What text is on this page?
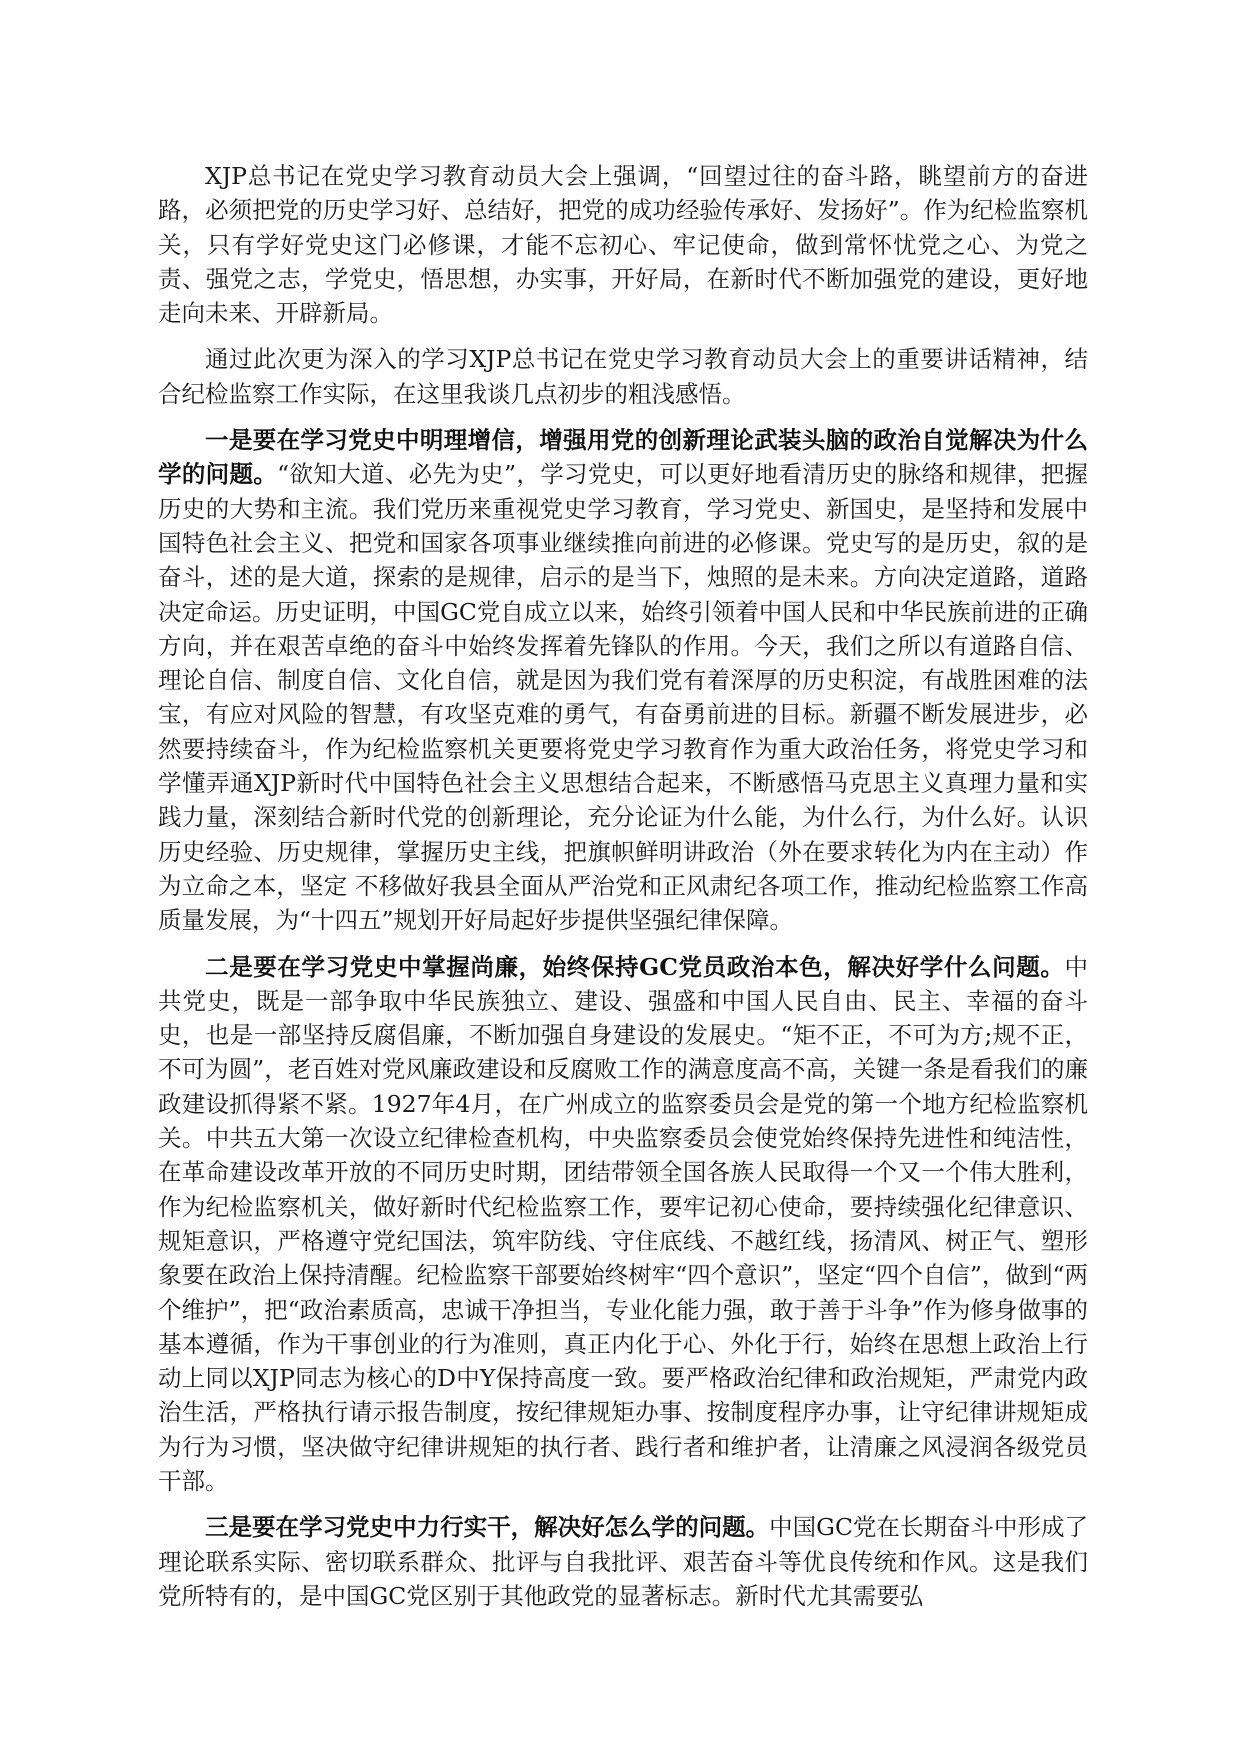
XJP总书记在党史学习教育动员大会上强调，“回望过往的奋斗路，眺望前方的奋进路，必须把党的历史学习好、总结好，把党的成功经验传承好、发扬好”。作为纪检监察机关，只有学好党史这门必修课，才能不忘初心、牢记使命，做到常怀忧党之心、为党之责、强党之志，学党史，悟思想，办实事，开好局，在新时代不断加强党的建设，更好地走向未来、开辟新局。

通过此次更为深入的学习XJP总书记在党史学习教育动员大会上的重要讲话精神，结合纪检监察工作实际，在这里我谈几点初步的粗浅感悟。

一是要在学习党史中明理增信，增强用党的创新理论武装头脑的政治自觉解决为什么学的问题。“欲知大道、必先为史”，学习党史，可以更好地看清历史的脉络和规律，把握历史的大势和主流。我们党历来重视党史学习教育，学习党史、新国史，是坚持和发展中国特色社会主义、把党和国家各项事业继续推向前进的必修课。党史写的是历史，叙的是奋斗，述的是大道，探索的是规律，启示的是当下，烛照的是未来。方向决定道路，道路决定命运。历史证明，中国GC党自成立以来，始终引领着中国人民和中华民族前进的正确方向，并在艰苦卓绝的奋斗中始终发挥着先锋队的作用。今天，我们之所以有道路自信、理论自信、制度自信、文化自信，就是因为我们党有着深厚的历史积淀，有战胜困难的法宝，有应对风险的智慧，有攻坚克难的勇气，有奋勇前进的目标。新疆不断发展进步，必然要持续奋斗，作为纪检监察机关更要将党史学习教育作为重大政治任务，将党史学习和学懂弄通XJP新时代中国特色社会主义思想结合起来，不断感悟马克思主义真理力量和实践力量，深刻结合新时代党的创新理论，充分论证为什么能，为什么行，为什么好。认识历史经验、历史规律，掌握历史主线，把旗帜鲜明讲政治（外在要求转化为内在主动）作为立命之本，坚定 不移做好我县全面从严治党和正风肃纪各项工作，推动纪检监察工作高质量发展，为“十四五”规划开好局起好步提供坚强纪律保障。

二是要在学习党史中掌握尚廉，始终保持GC党员政治本色，解决好学什么问题。中共党史，既是一部争取中华民族独立、建设、强盛和中国人民自由、民主、幸福的奋斗史，也是一部坚持反腐倡廉，不断加强自身建设的发展史。“矩不正，不可为方;规不正，不可为圆”，老百姓对党风廉政建设和反腐败工作的满意度高不高，关键一条是看我们的廉政建设抓得紧不紧。1927年4月，在广州成立的监察委员会是党的第一个地方纪检监察机关。中共五大第一次设立纪律检查机构，中央监察委员会使党始终保持先进性和纯洁性，在革命建设改革开放的不同历史时期，团结带领全国各族人民取得一个又一个伟大胜利，作为纪检监察机关，做好新时代纪检监察工作，要牢记初心使命，要持续强化纪律意识、规矩意识，严格遵守党纪国法，筑牢防线、守住底线、不越红线，扬清风、树正气、塑形象要在政治上保持清醒。纪检监察干部要始终树牢“四个意识”，坚定“四个自信”，做到“两个维护”，把“政治素质高，忠诚干净担当，专业化能力强，敢于善于斗争”作为修身做事的基本遵循，作为干事创业的行为准则，真正内化于心、外化于行，始终在思想上政治上行动上同以XJP同志为核心的D中Y保持高度一致。要严格政治纪律和政治规矩，严肃党内政治生活，严格执行请示报告制度，按纪律规矩办事、按制度程序办事，让守纪律讲规矩成为行为习惯，坚决做守纪律讲规矩的执行者、践行者和维护者，让清廉之风浸润各级党员干部。

三是要在学习党史中力行实干，解决好怎么学的问题。中国GC党在长期奋斗中形成了理论联系实际、密切联系群众、批评与自我批评、艰苦奋斗等优良传统和作风。这是我们党所特有的，是中国GC党区别于其他政党的显著标志。新时代尤其需要弘
